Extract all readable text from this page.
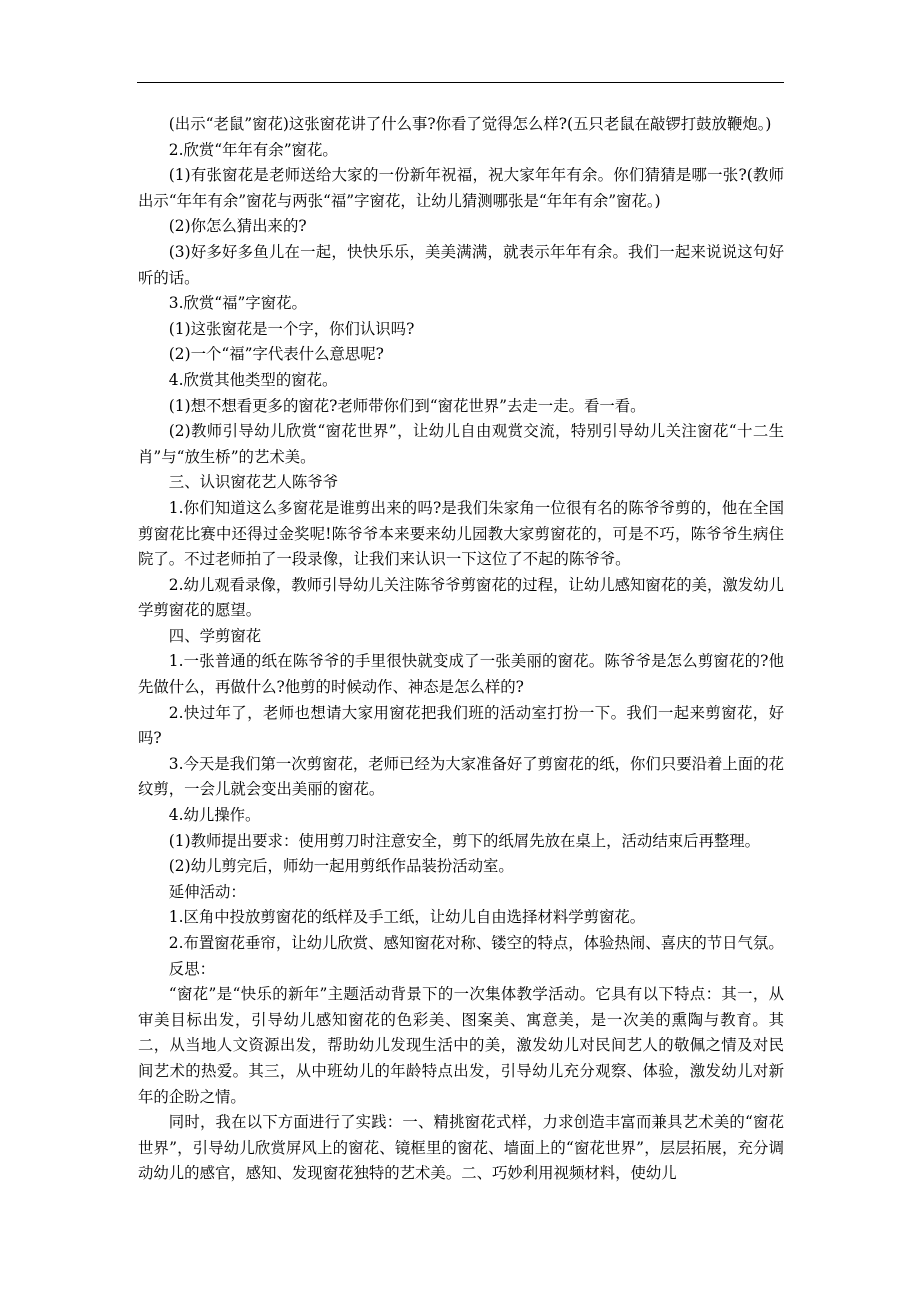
(出示“老鼠”窗花)这张窗花讲了什么事?你看了觉得怎么样?(五只老鼠在敲锣打鼓放鞭炮。)

2.欣赏“年年有余”窗花。

(1)有张窗花是老师送给大家的一份新年祝福，祝大家年年有余。你们猜猜是哪一张?(教师出示“年年有余”窗花与两张“福”字窗花，让幼儿猜测哪张是“年年有余”窗花。)

(2)你怎么猜出来的?

(3)好多好多鱼儿在一起，快快乐乐，美美满满，就表示年年有余。我们一起来说说这句好听的话。

3.欣赏“福”字窗花。

(1)这张窗花是一个字，你们认识吗?

(2)一个“福”字代表什么意思呢?

4.欣赏其他类型的窗花。

(1)想不想看更多的窗花?老师带你们到“窗花世界”去走一走。看一看。

(2)教师引导幼儿欣赏“窗花世界”，让幼儿自由观赏交流，特别引导幼儿关注窗花“十二生肖”与“放生桥”的艺术美。

三、认识窗花艺人陈爷爷

1.你们知道这么多窗花是谁剪出来的吗?是我们朱家角一位很有名的陈爷爷剪的，他在全国剪窗花比赛中还得过金奖呢!陈爷爷本来要来幼儿园教大家剪窗花的，可是不巧，陈爷爷生病住院了。不过老师拍了一段录像，让我们来认识一下这位了不起的陈爷爷。

2.幼儿观看录像，教师引导幼儿关注陈爷爷剪窗花的过程，让幼儿感知窗花的美，激发幼儿学剪窗花的愿望。

四、学剪窗花

1.一张普通的纸在陈爷爷的手里很快就变成了一张美丽的窗花。陈爷爷是怎么剪窗花的?他先做什么，再做什么?他剪的时候动作、神态是怎么样的?

2.快过年了，老师也想请大家用窗花把我们班的活动室打扮一下。我们一起来剪窗花，好吗?

3.今天是我们第一次剪窗花，老师已经为大家准备好了剪窗花的纸，你们只要沿着上面的花纹剪，一会儿就会变出美丽的窗花。

4.幼儿操作。

(1)教师提出要求：使用剪刀时注意安全，剪下的纸屑先放在桌上，活动结束后再整理。

(2)幼儿剪完后，师幼一起用剪纸作品装扮活动室。

延伸活动：

1.区角中投放剪窗花的纸样及手工纸，让幼儿自由选择材料学剪窗花。

2.布置窗花垂帘，让幼儿欣赏、感知窗花对称、镂空的特点，体验热闹、喜庆的节日气氛。

反思：

“窗花”是“快乐的新年”主题活动背景下的一次集体教学活动。它具有以下特点：其一，从审美目标出发，引导幼儿感知窗花的色彩美、图案美、寓意美，是一次美的熏陶与教育。其二，从当地人文资源出发，帮助幼儿发现生活中的美，激发幼儿对民间艺人的敬佩之情及对民间艺术的热爱。其三，从中班幼儿的年龄特点出发，引导幼儿充分观察、体验，激发幼儿对新年的企盼之情。

同时，我在以下方面进行了实践：一、精挑窗花式样，力求创造丰富而兼具艺术美的“窗花世界”，引导幼儿欣赏屏风上的窗花、镜框里的窗花、墙面上的“窗花世界”，层层拓展，充分调动幼儿的感官，感知、发现窗花独特的艺术美。二、巧妙利用视频材料，使幼儿
